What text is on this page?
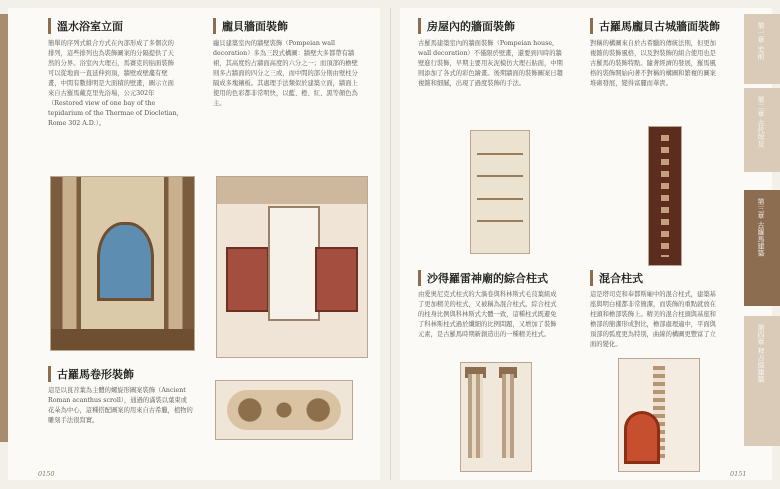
溫水浴室立面
簡單的序列式組合方式在內部形成了多個次的排列，這些排列也為裝飾圖案的分隔提供了天然的分界。浴室內大理石，馬賽克的貼面裝飾可以從地面一直延伸到頂，牆壁或壁龕有壁畫，中間有數排明是大面積的壁畫，圖示立面來自古羅馬戴克里先浴場，公元302年（Restored view of one bay of the tepidarium of the Thermae of Diocletian, Rome 302 A.D.）。
龐貝牆面裝飾
龐貝建築室內的牆壁裝飾（Pompeian wall decoration）多為三段式構圖：牆壁大多都帶有牆裙，其高度約占牆面高度的六分之一；而頂部的檐壁則多占牆面的四分之三或，而中間的部分則由壁柱分隔成多塊鑲板。其處理手法類似於建築立面，牆面上使用的色彩都非常明快，以藍、橙、紅、黑等顏色為主。
古羅馬卷形裝飾
這是以莨苕葉為主體的螺旋形圖案裝飾（Ancient Roman acanthus scroll），通過的滿裝以葉束或花朵為中心，這種搭配圖案的用來自古希臘，植物的雕刻手法很寫實。
0150
房屋內的牆面裝飾
古羅馬建築室內的牆面裝飾（Pompeian house, wall decoration）不僅限於壁畫，還要到四時的牆壁進行裝飾，早期主要用灰泥模仿大理石貼面，中期則添加了各式的彩色繪畫。後期牆面的裝飾圖案日趨複雜和細膩，出現了過度裝飾的手法。
古羅馬龐貝古城牆面裝飾
對稱的構圖來自於古希臘的傳統法則，但更加複雜的裝飾風格，以及對裝飾的組合使用也是古羅馬的裝飾特點。隨著經濟的發展，羅馬風格的裝飾開始向著不對稱的構圖和繁複的圖案堆砌發展，變得富麗而華貴。
沙得羅雷神廟的綜合柱式
由愛奧尼克式柱式的大渦卷與科林斯式毛茛葉組成了更加精美的柱式，又被稱為混合柱式。綜合柱式的柱身比例與科林斯式大體一致，這種柱式既避免了科林斯柱式過於纖細的比例問題，又增加了裝飾元素，是古羅馬時期新創造出的一種精美柱式。
混合柱式
這是塔司克和奉都斯廟中的混合柱式，建築基座與明白樣都非常簡潔，而裝飾的重點就放在柱頭和檐部裝飾上。精美的混合柱頭與基座和檐部的簡潔形成對比，檐部處理適中，平面與頂部的弧度更為特別，曲線的構圖更豐富了立面的變化。
0151
第一章 史前
第二章 古代埃及
第三章 古羅馬建築
第四章 拜占庭建築
